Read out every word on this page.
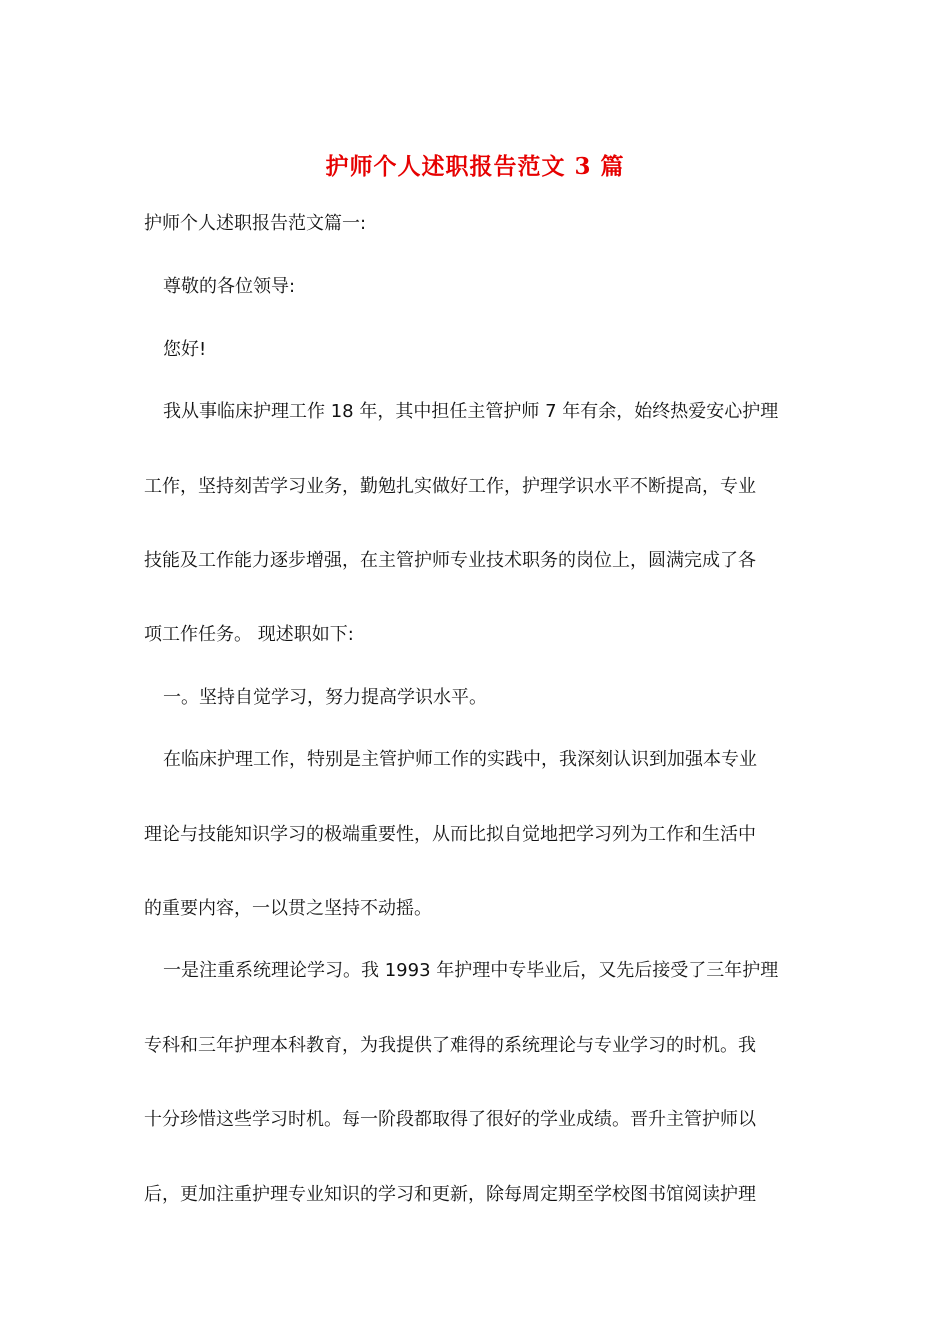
护师个人述职报告范文 3 篇
护师个人述职报告范文篇一:
尊敬的各位领导:
您好!
我从事临床护理工作 18 年，其中担任主管护师 7 年有余，始终热爱安心护理
工作，坚持刻苦学习业务，勤勉扎实做好工作，护理学识水平不断提高，专业
技能及工作能力逐步增强，在主管护师专业技术职务的岗位上，圆满完成了各
项工作任务。 现述职如下:
一。坚持自觉学习，努力提高学识水平。
在临床护理工作，特别是主管护师工作的实践中，我深刻认识到加强本专业
理论与技能知识学习的极端重要性，从而比拟自觉地把学习列为工作和生活中
的重要内容，一以贯之坚持不动摇。
一是注重系统理论学习。我 1993 年护理中专毕业后，又先后接受了三年护理
专科和三年护理本科教育，为我提供了难得的系统理论与专业学习的时机。我
十分珍惜这些学习时机。每一阶段都取得了很好的学业成绩。晋升主管护师以
后，更加注重护理专业知识的学习和更新，除每周定期至学校图书馆阅读护理
